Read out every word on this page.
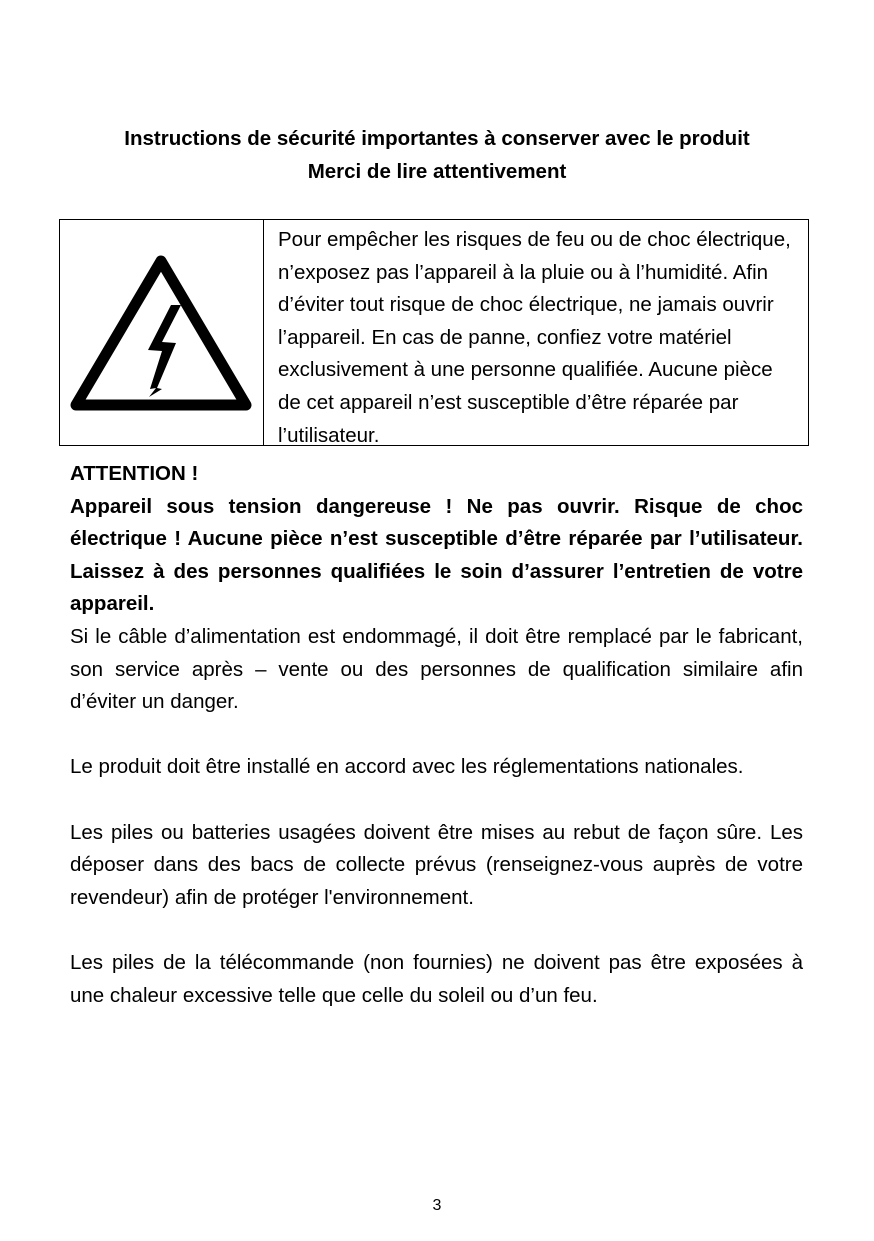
Instructions de sécurité importantes à conserver avec le produit
Merci de lire attentivement
Pour empêcher les risques de feu ou de choc électrique, n’exposez pas l’appareil à la pluie ou à l’humidité. Afin d’éviter tout risque de choc électrique, ne jamais ouvrir l’appareil. En cas de panne, confiez votre matériel exclusivement à une personne qualifiée. Aucune pièce de cet appareil n’est susceptible d’être réparée par l’utilisateur.

ATTENTION !

Appareil sous tension dangereuse ! Ne pas ouvrir. Risque de choc électrique ! Aucune pièce n’est susceptible d’être réparée par l’utilisateur. Laissez à des personnes qualifiées le soin d’assurer l’entretien de votre appareil.

Si le câble d’alimentation est endommagé, il doit être remplacé par le fabricant, son service après – vente ou des personnes de qualification similaire afin d’éviter un danger.

Le produit doit être installé en accord avec les réglementations nationales.

Les piles ou batteries usagées doivent être mises au rebut de façon sûre. Les déposer dans des bacs de collecte prévus (renseignez-vous auprès de votre revendeur) afin de protéger l'environnement.

Les piles de la télécommande (non fournies) ne doivent pas être exposées à une chaleur excessive telle que celle du soleil ou d’un feu.

3
